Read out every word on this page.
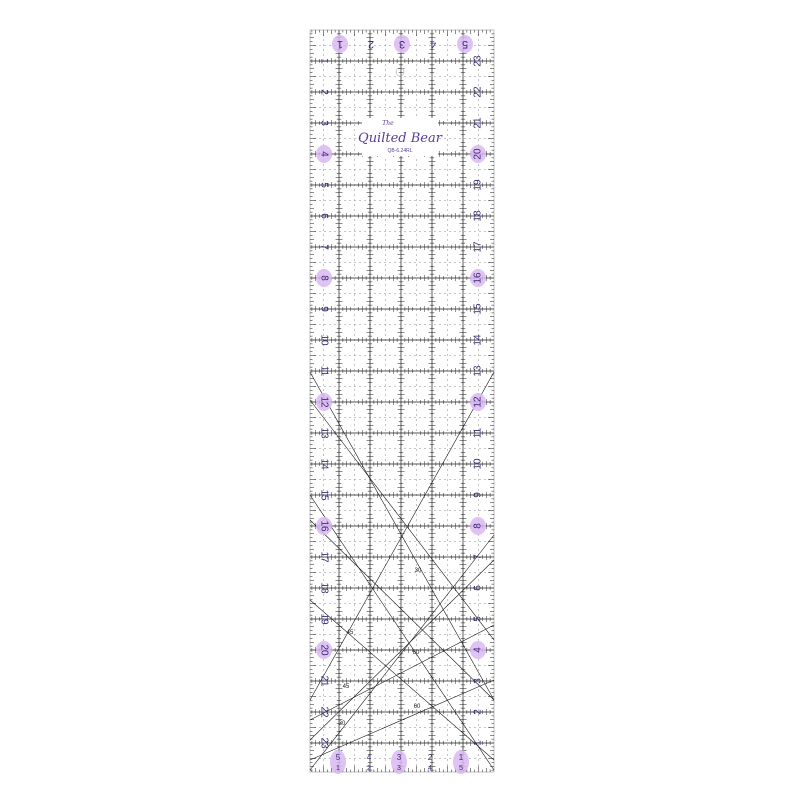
30
45
60
45
30
60
1 2 3 4 5
1
2
3
4
5
6
7
8
9
10
11
12
13
14
15
16
17
18
19
20
21
22
23
23
22
21
20
19
18
17
16
15
14
13
12
11
10
9
8
7
6
5
4
3
2
1
5	4	3	2	1
1	2	3	4	5
The
Quilted Bear
QB-6.24RL
